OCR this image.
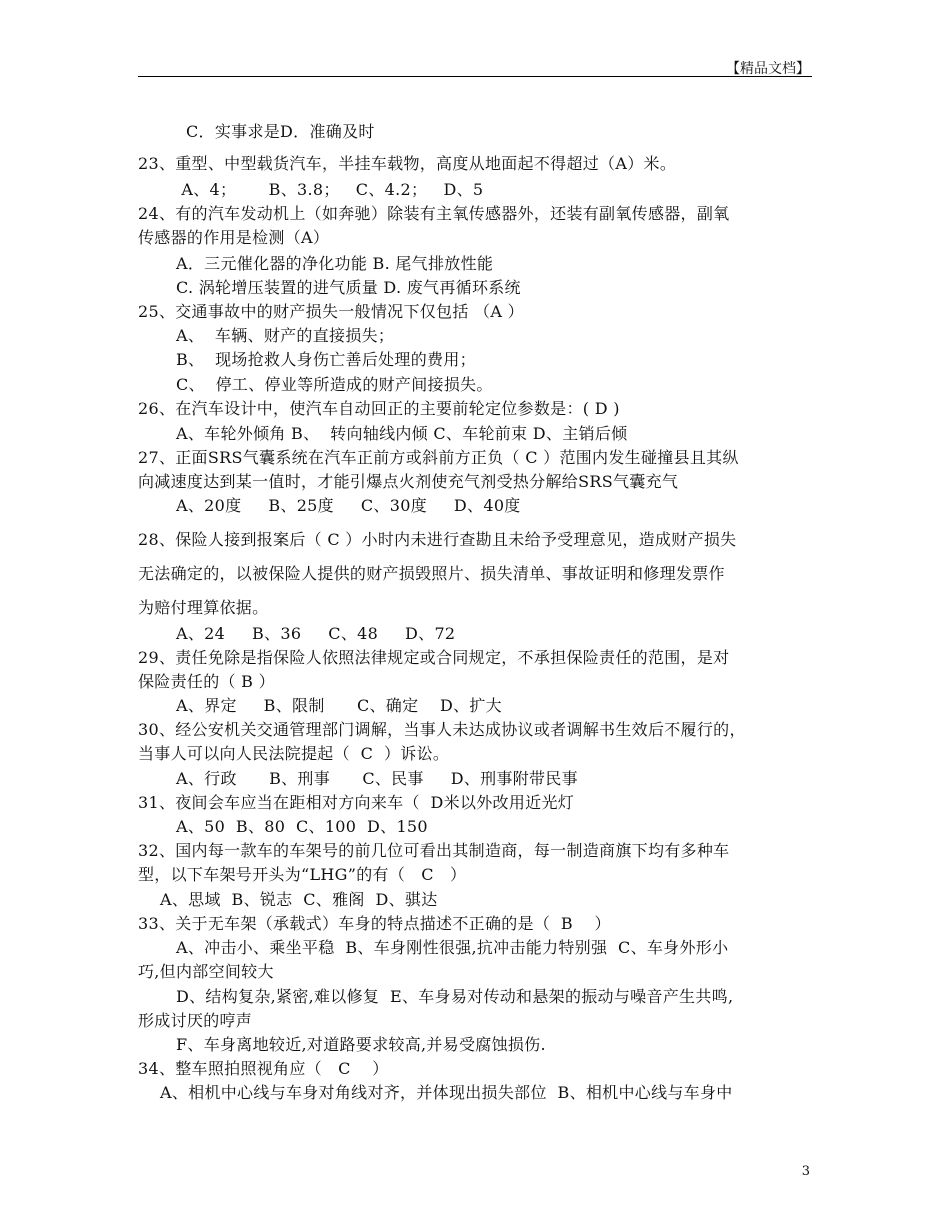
【精品文档】
C．实事求是D．准确及时
23、重型、中型载货汽车，半挂车载物，高度从地面起不得超过（A）米。
A、4；      B、3.8；   C、4.2；   D、5
24、有的汽车发动机上（如奔驰）除装有主氧传感器外，还装有副氧传感器，副氧
传感器的作用是检测（A）
A．三元催化器的净化功能 B. 尾气排放性能
C. 涡轮增压装置的进气质量 D. 废气再循环系统
25、交通事故中的财产损失一般情况下仅包括 （A ）
A、  车辆、财产的直接损失；
B、  现场抢救人身伤亡善后处理的费用；
C、  停工、停业等所造成的财产间接损失。
26、在汽车设计中，使汽车自动回正的主要前轮定位参数是：( D )
A、车轮外倾角 B、  转向轴线内倾 C、车轮前束 D、主销后倾
27、正面SRS气囊系统在汽车正前方或斜前方正负（ C ）范围内发生碰撞县且其纵
向减速度达到某一值时，才能引爆点火剂使充气剂受热分解给SRS气囊充气
A、20度     B、25度     C、30度     D、40度
28、保险人接到报案后（ C ）小时内未进行查勘且未给予受理意见，造成财产损失
无法确定的，以被保险人提供的财产损毁照片、损失清单、事故证明和修理发票作
为赔付理算依据。
A、24     B、36     C、48     D、72
29、责任免除是指保险人依照法律规定或合同规定，不承担保险责任的范围，是对
保险责任的（ B ）
A、界定     B、限制      C、确定    D、扩大
30、经公安机关交通管理部门调解，当事人未达成协议或者调解书生效后不履行的，
当事人可以向人民法院提起（  C  ）诉讼。
A、行政      B、刑事      C、民事     D、刑事附带民事
31、夜间会车应当在距相对方向来车（  D米以外改用近光灯
A、50  B、80  C、100  D、150
32、国内每一款车的车架号的前几位可看出其制造商，每一制造商旗下均有多种车
型，以下车架号开头为“LHG”的有（   C   ）
A、思域  B、锐志  C、雅阁  D、骐达
33、关于无车架（承载式）车身的特点描述不正确的是（  B    ）
A、冲击小、乘坐平稳  B、车身刚性很强,抗冲击能力特别强  C、车身外形小
巧,但内部空间较大
D、结构复杂,紧密,难以修复  E、车身易对传动和悬架的振动与噪音产生共鸣,
形成讨厌的哼声
F、车身离地较近,对道路要求较高,并易受腐蚀损伤.
34、整车照拍照视角应（   C    ）
A、相机中心线与车身对角线对齐，并体现出损失部位  B、相机中心线与车身中
3
